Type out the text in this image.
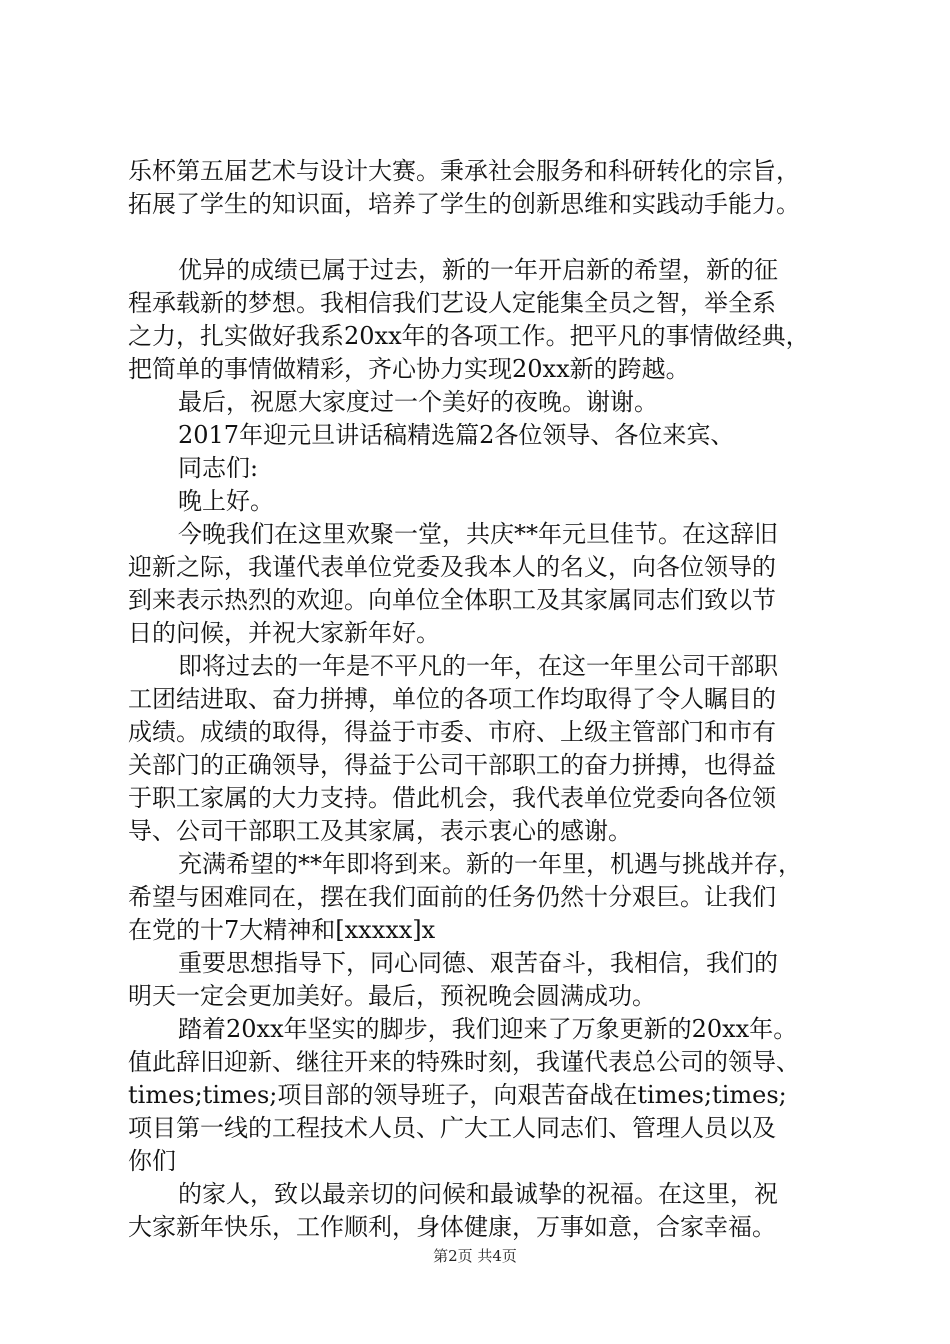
乐杯第五届艺术与设计大赛。秉承社会服务和科研转化的宗旨，
拓展了学生的知识面，培养了学生的创新思维和实践动手能力。
优异的成绩已属于过去，新的一年开启新的希望，新的征
程承载新的梦想。我相信我们艺设人定能集全员之智，举全系
之力，扎实做好我系20xx年的各项工作。把平凡的事情做经典，
把简单的事情做精彩，齐心协力实现20xx新的跨越。
最后，祝愿大家度过一个美好的夜晚。谢谢。
2017年迎元旦讲话稿精选篇2各位领导、各位来宾、
同志们:
晚上好。
今晚我们在这里欢聚一堂，共庆**年元旦佳节。在这辞旧
迎新之际，我谨代表单位党委及我本人的名义，向各位领导的
到来表示热烈的欢迎。向单位全体职工及其家属同志们致以节
日的问候，并祝大家新年好。
即将过去的一年是不平凡的一年，在这一年里公司干部职
工团结进取、奋力拼搏，单位的各项工作均取得了令人瞩目的
成绩。成绩的取得，得益于市委、市府、上级主管部门和市有
关部门的正确领导，得益于公司干部职工的奋力拼搏，也得益
于职工家属的大力支持。借此机会，我代表单位党委向各位领
导、公司干部职工及其家属，表示衷心的感谢。
充满希望的**年即将到来。新的一年里，机遇与挑战并存，
希望与困难同在，摆在我们面前的任务仍然十分艰巨。让我们
在党的十7大精神和[xxxxx]x
重要思想指导下，同心同德、艰苦奋斗，我相信，我们的
明天一定会更加美好。最后，预祝晚会圆满成功。
踏着20xx年坚实的脚步，我们迎来了万象更新的20xx年。
值此辞旧迎新、继往开来的特殊时刻，我谨代表总公司的领导、
times;times;项目部的领导班子，向艰苦奋战在times;times;
项目第一线的工程技术人员、广大工人同志们、管理人员以及
你们
的家人，致以最亲切的问候和最诚挚的祝福。在这里，祝
大家新年快乐，工作顺利，身体健康，万事如意，合家幸福。
第2页 共4页
